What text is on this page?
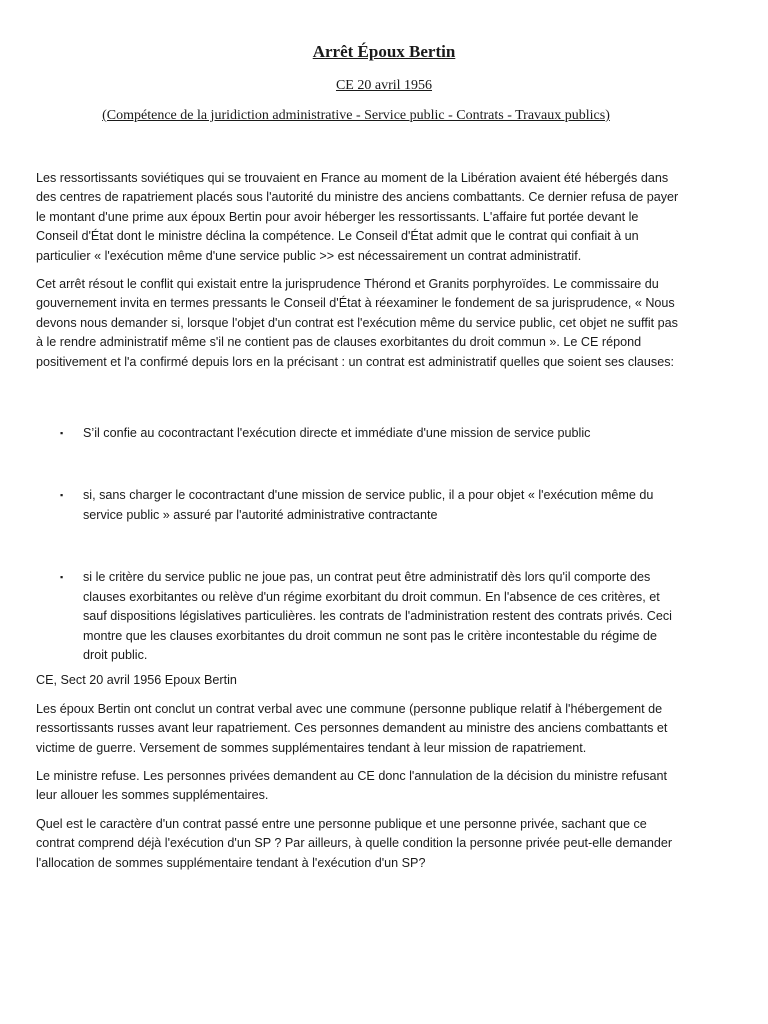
Arrêt Époux Bertin

CE 20 avril 1956

(Compétence de la juridiction administrative - Service public - Contrats - Travaux publics)

Les ressortissants soviétiques qui se trouvaient en France au moment de la Libération avaient été hébergés dans des centres de rapatriement placés sous l'autorité du ministre des anciens combattants. Ce dernier refusa de payer le montant d'une prime aux époux Bertin pour avoir héberger les ressortissants. L'affaire fut portée devant le Conseil d'État dont le ministre déclina la compétence. Le Conseil d'État admit que le contrat qui confiait à un particulier « l'exécution même d'une service public >> est nécessairement un contrat administratif.

Cet arrêt résout le conflit qui existait entre la jurisprudence Thérond et Granits porphyroïdes. Le commissaire du gouvernement invita en termes pressants le Conseil d'État à réexaminer le fondement de sa jurisprudence, « Nous devons nous demander si, lorsque l'objet d'un contrat est l'exécution même du service public, cet objet ne suffit pas à le rendre administratif même s'il ne contient pas de clauses exorbitantes du droit commun ». Le CE répond positivement et l'a confirmé depuis lors en la précisant : un contrat est administratif quelles que soient ses clauses:

▪ S’il confie au cocontractant l'exécution directe et immédiate d'une mission de service public
▪ si, sans charger le cocontractant d'une mission de service public, il a pour objet « l'exécution même du service public » assuré par l'autorité administrative contractante
▪ si le critère du service public ne joue pas, un contrat peut être administratif dès lors qu'il comporte des clauses exorbitantes ou relève d'un régime exorbitant du droit commun. En l'absence de ces critères, et sauf dispositions législatives particulières. les contrats de l'administration restent des contrats privés. Ceci montre que les clauses exorbitantes du droit commun ne sont pas le critère incontestable du régime de droit public.

CE, Sect 20 avril 1956 Epoux Bertin

Les époux Bertin ont conclut un contrat verbal avec une commune (personne publique relatif à l'hébergement de ressortissants russes avant leur rapatriement. Ces personnes demandent au ministre des anciens combattants et victime de guerre. Versement de sommes supplémentaires tendant à leur mission de rapatriement.

Le ministre refuse. Les personnes privées demandent au CE donc l'annulation de la décision du ministre refusant leur allouer les sommes supplémentaires.

Quel est le caractère d'un contrat passé entre une personne publique et une personne privée, sachant que ce contrat comprend déjà l'exécution d'un SP ? Par ailleurs, à quelle condition la personne privée peut-elle demander l'allocation de sommes supplémentaire tendant à l'exécution d'un SP?
